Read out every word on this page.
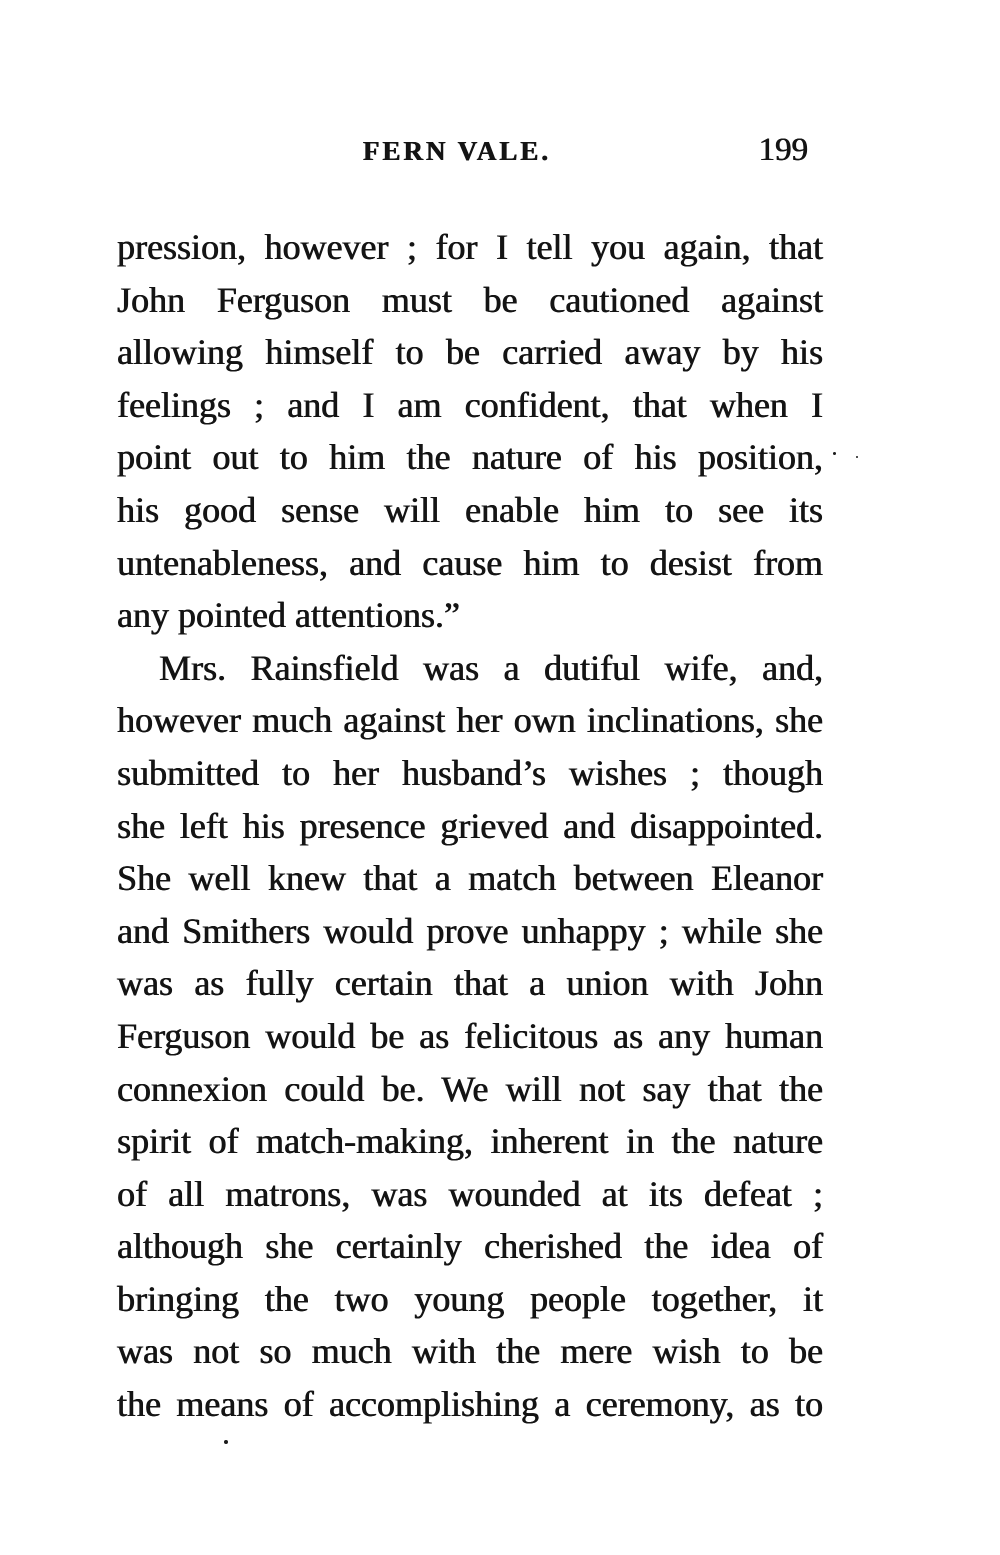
FERN VALE.	199
pression, however ; for I tell you again, that
John Ferguson must be cautioned against
allowing himself to be carried away by his
feelings ; and I am confident, that when I
point out to him the nature of his position,
his good sense will enable him to see its
untenableness, and cause him to desist from
any pointed attentions.”
Mrs. Rainsfield was a dutiful wife, and,
however much against her own inclinations, she
submitted to her husband’s wishes ; though
she left his presence grieved and disappointed.
She well knew that a match between Eleanor
and Smithers would prove unhappy ; while she
was as fully certain that a union with John
Ferguson would be as felicitous as any human
connexion could be. We will not say that the
spirit of match-making, inherent in the nature
of all matrons, was wounded at its defeat ;
although she certainly cherished the idea of
bringing the two young people together, it
was not so much with the mere wish to be
the means of accomplishing a ceremony, as to
